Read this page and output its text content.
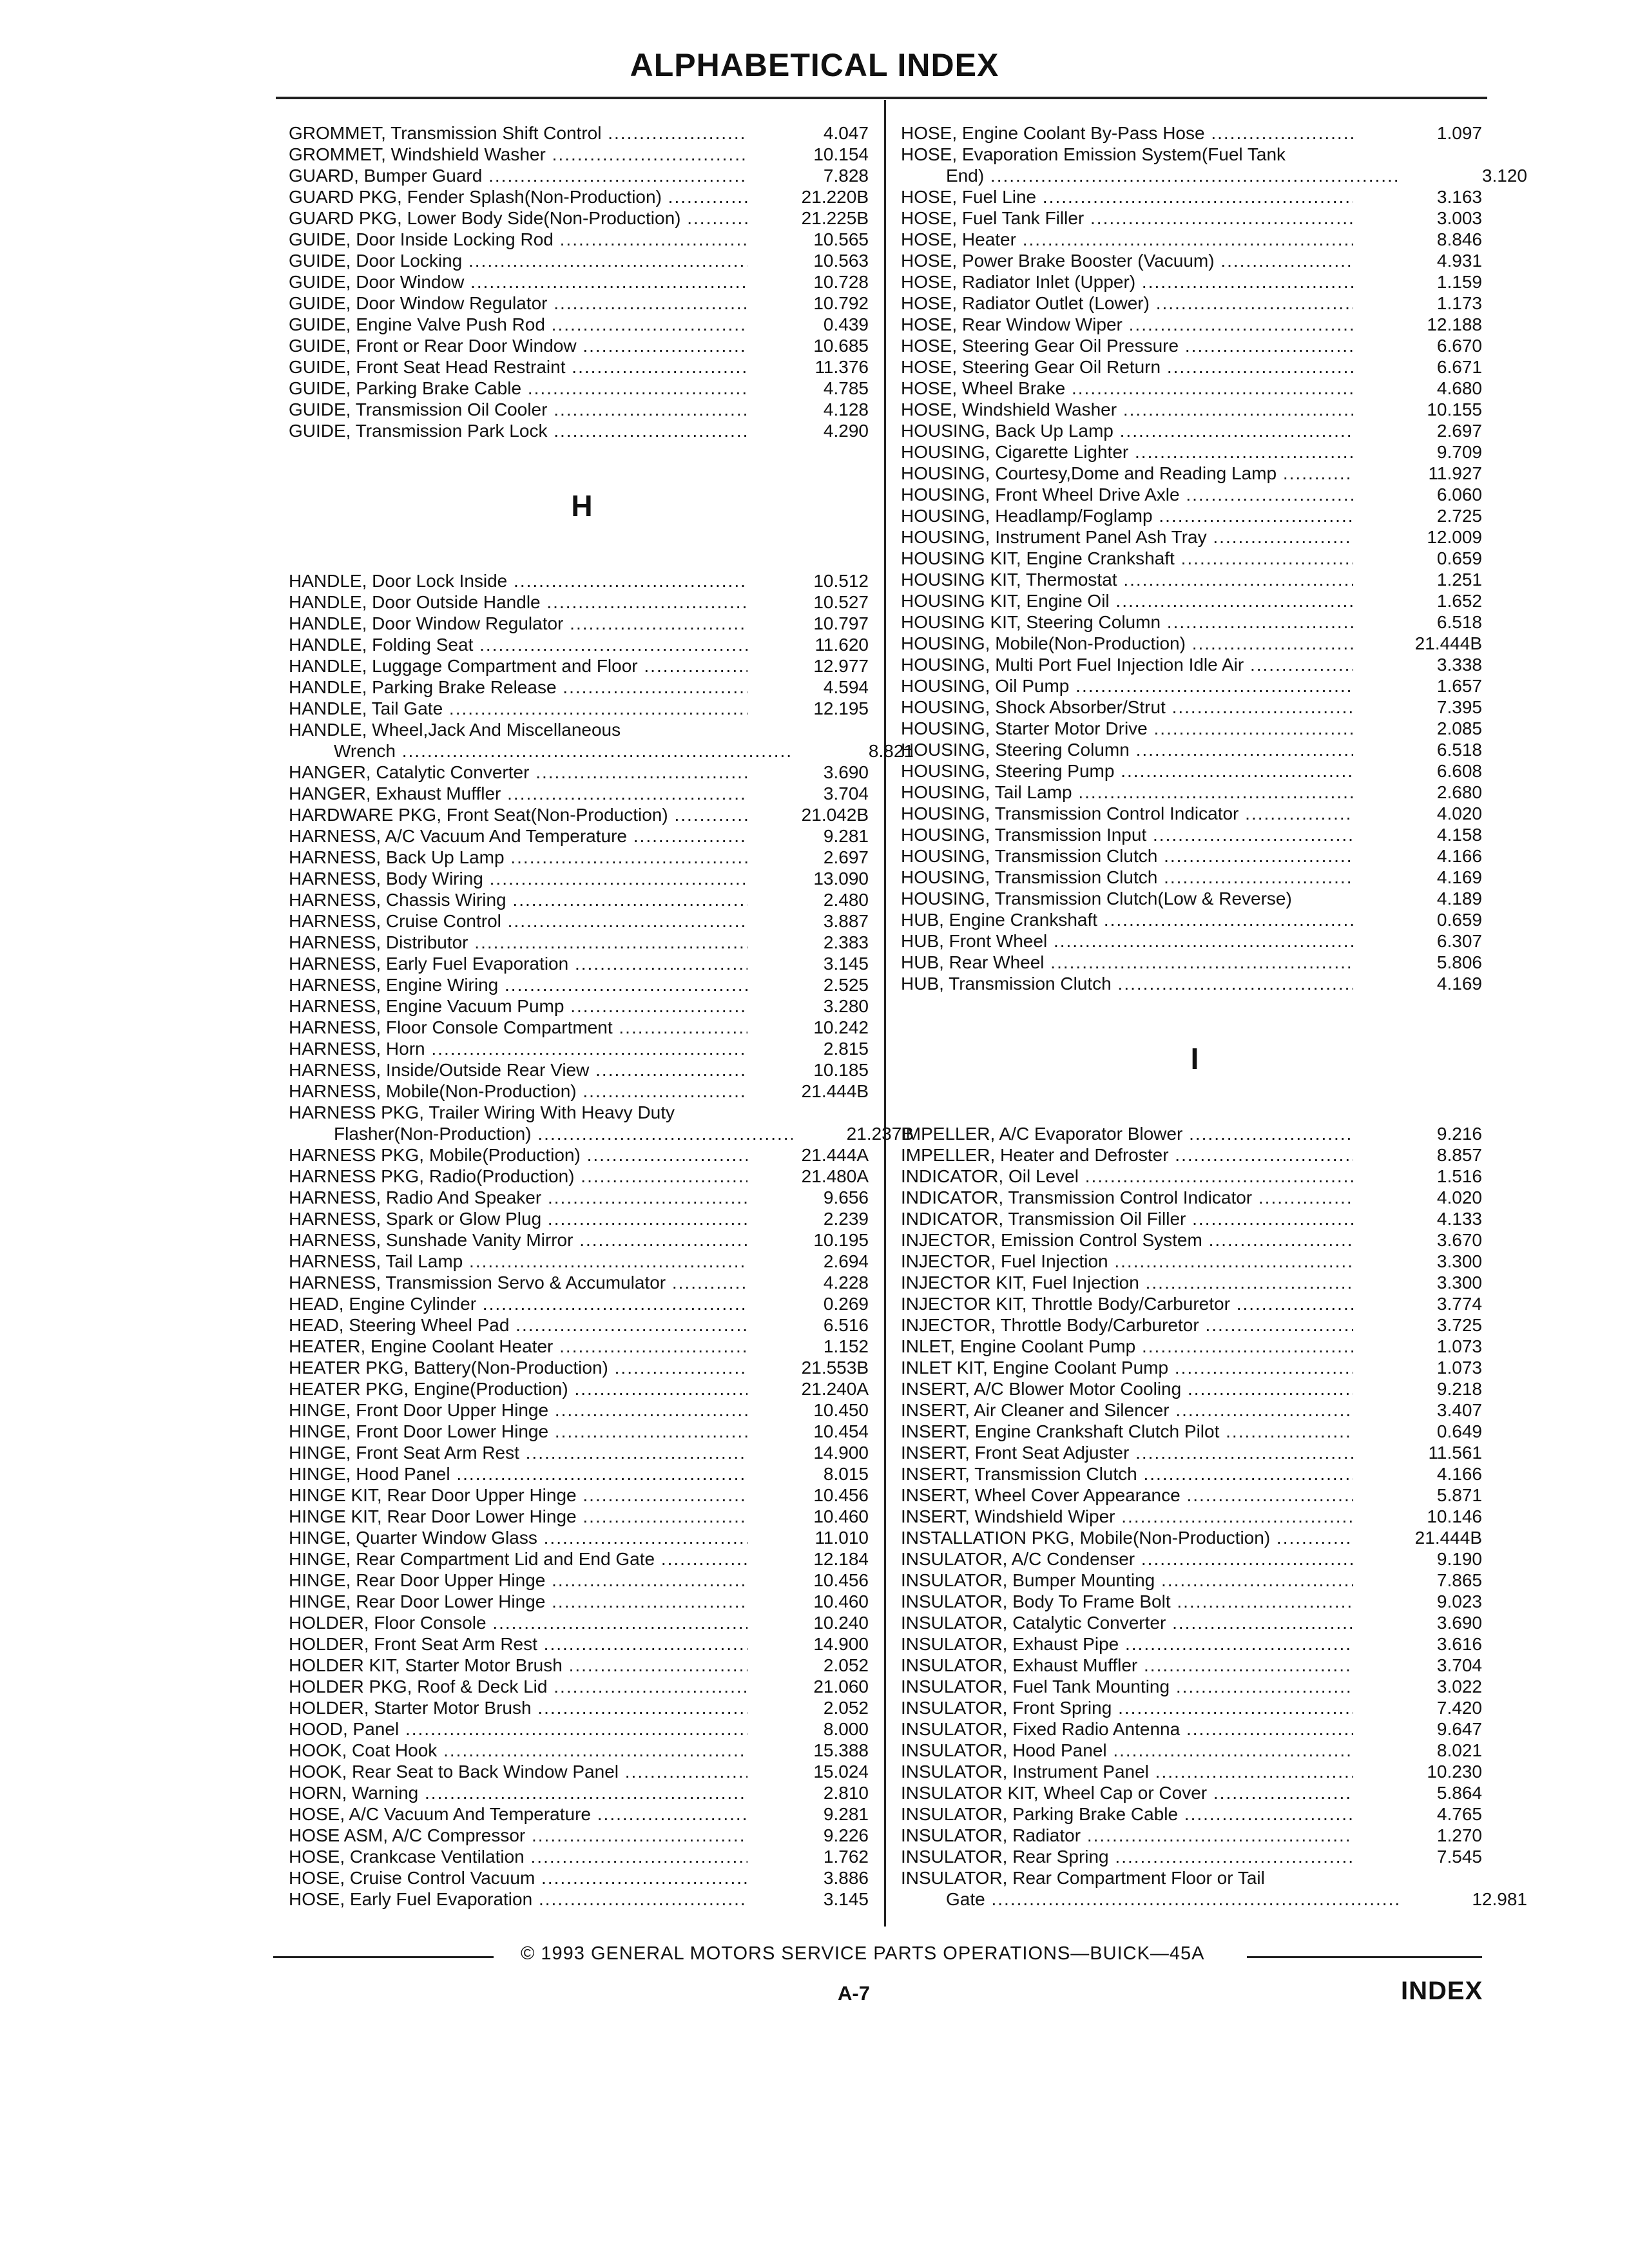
ALPHABETICAL INDEX
GROMMET, Transmission Shift Control .....	4.047
GROMMET, Windshield Washer .....	10.154
GUARD, Bumper Guard .....	7.828
GUARD PKG, Fender Splash(Non-Production) .....	21.220B
GUARD PKG, Lower Body Side(Non-Production) .....	21.225B
GUIDE, Door Inside Locking Rod .....	10.565
GUIDE, Door Locking .....	10.563
GUIDE, Door Window .....	10.728
GUIDE, Door Window Regulator .....	10.792
GUIDE, Engine Valve Push Rod .....	0.439
GUIDE, Front or Rear Door Window .....	10.685
GUIDE, Front Seat Head Restraint .....	11.376
GUIDE, Parking Brake Cable .....	4.785
GUIDE, Transmission Oil Cooler .....	4.128
GUIDE, Transmission Park Lock .....	4.290
H
HANDLE, Door Lock Inside .....	10.512
HANDLE, Door Outside Handle .....	10.527
HANDLE, Door Window Regulator .....	10.797
HANDLE, Folding Seat .....	11.620
HANDLE, Luggage Compartment and Floor .....	12.977
HANDLE, Parking Brake Release .....	4.594
HANDLE, Tail Gate .....	12.195
HANDLE, Wheel,Jack And Miscellaneous
Wrench .....	8.821
HANGER, Catalytic Converter .....	3.690
HANGER, Exhaust Muffler .....	3.704
HARDWARE PKG, Front Seat(Non-Production) .....	21.042B
HARNESS, A/C Vacuum And Temperature .....	9.281
HARNESS, Back Up Lamp .....	2.697
HARNESS, Body Wiring .....	13.090
HARNESS, Chassis Wiring .....	2.480
HARNESS, Cruise Control .....	3.887
HARNESS, Distributor .....	2.383
HARNESS, Early Fuel Evaporation .....	3.145
HARNESS, Engine Wiring .....	2.525
HARNESS, Engine Vacuum Pump .....	3.280
HARNESS, Floor Console Compartment .....	10.242
HARNESS, Horn .....	2.815
HARNESS, Inside/Outside Rear View .....	10.185
HARNESS, Mobile(Non-Production) .....	21.444B
HARNESS PKG, Trailer Wiring With Heavy Duty
Flasher(Non-Production) .....	21.237B
HARNESS PKG, Mobile(Production) .....	21.444A
HARNESS PKG, Radio(Production) .....	21.480A
HARNESS, Radio And Speaker .....	9.656
HARNESS, Spark or Glow Plug .....	2.239
HARNESS, Sunshade Vanity Mirror .....	10.195
HARNESS, Tail Lamp .....	2.694
HARNESS, Transmission Servo & Accumulator .....	4.228
HEAD, Engine Cylinder .....	0.269
HEAD, Steering Wheel Pad .....	6.516
HEATER, Engine Coolant Heater .....	1.152
HEATER PKG, Battery(Non-Production) .....	21.553B
HEATER PKG, Engine(Production) .....	21.240A
HINGE, Front Door Upper Hinge .....	10.450
HINGE, Front Door Lower Hinge .....	10.454
HINGE, Front Seat Arm Rest .....	14.900
HINGE, Hood Panel .....	8.015
HINGE KIT, Rear Door Upper Hinge .....	10.456
HINGE KIT, Rear Door Lower Hinge .....	10.460
HINGE, Quarter Window Glass .....	11.010
HINGE, Rear Compartment Lid and End Gate .....	12.184
HINGE, Rear Door Upper Hinge .....	10.456
HINGE, Rear Door Lower Hinge .....	10.460
HOLDER, Floor Console .....	10.240
HOLDER, Front Seat Arm Rest .....	14.900
HOLDER KIT, Starter Motor Brush .....	2.052
HOLDER PKG, Roof & Deck Lid .....	21.060
HOLDER, Starter Motor Brush .....	2.052
HOOD, Panel .....	8.000
HOOK, Coat Hook .....	15.388
HOOK, Rear Seat to Back Window Panel .....	15.024
HORN, Warning .....	2.810
HOSE, A/C Vacuum And Temperature .....	9.281
HOSE ASM, A/C Compressor .....	9.226
HOSE, Crankcase Ventilation .....	1.762
HOSE, Cruise Control Vacuum .....	3.886
HOSE, Early Fuel Evaporation .....	3.145
HOSE, Engine Coolant By-Pass Hose .....	1.097
HOSE, Evaporation Emission System(Fuel Tank
End) .....	3.120
HOSE, Fuel Line .....	3.163
HOSE, Fuel Tank Filler .....	3.003
HOSE, Heater .....	8.846
HOSE, Power Brake Booster (Vacuum) .....	4.931
HOSE, Radiator Inlet (Upper) .....	1.159
HOSE, Radiator Outlet (Lower) .....	1.173
HOSE, Rear Window Wiper .....	12.188
HOSE, Steering Gear Oil Pressure .....	6.670
HOSE, Steering Gear Oil Return .....	6.671
HOSE, Wheel Brake .....	4.680
HOSE, Windshield Washer .....	10.155
HOUSING, Back Up Lamp .....	2.697
HOUSING, Cigarette Lighter .....	9.709
HOUSING, Courtesy,Dome and Reading Lamp .....	11.927
HOUSING, Front Wheel Drive Axle .....	6.060
HOUSING, Headlamp/Foglamp .....	2.725
HOUSING, Instrument Panel Ash Tray .....	12.009
HOUSING KIT, Engine Crankshaft .....	0.659
HOUSING KIT, Thermostat .....	1.251
HOUSING KIT, Engine Oil .....	1.652
HOUSING KIT, Steering Column .....	6.518
HOUSING, Mobile(Non-Production) .....	21.444B
HOUSING, Multi Port Fuel Injection Idle Air .....	3.338
HOUSING, Oil Pump .....	1.657
HOUSING, Shock Absorber/Strut .....	7.395
HOUSING, Starter Motor Drive .....	2.085
HOUSING, Steering Column .....	6.518
HOUSING, Steering Pump .....	6.608
HOUSING, Tail Lamp .....	2.680
HOUSING, Transmission Control Indicator .....	4.020
HOUSING, Transmission Input .....	4.158
HOUSING, Transmission Clutch .....	4.166
HOUSING, Transmission Clutch .....	4.169
HOUSING, Transmission Clutch(Low & Reverse)	4.189
HUB, Engine Crankshaft .....	0.659
HUB, Front Wheel .....	6.307
HUB, Rear Wheel .....	5.806
HUB, Transmission Clutch .....	4.169
I
IMPELLER, A/C Evaporator Blower .....	9.216
IMPELLER, Heater and Defroster .....	8.857
INDICATOR, Oil Level .....	1.516
INDICATOR, Transmission Control Indicator .....	4.020
INDICATOR, Transmission Oil Filler .....	4.133
INJECTOR, Emission Control System .....	3.670
INJECTOR, Fuel Injection .....	3.300
INJECTOR KIT, Fuel Injection .....	3.300
INJECTOR KIT, Throttle Body/Carburetor .....	3.774
INJECTOR, Throttle Body/Carburetor .....	3.725
INLET, Engine Coolant Pump .....	1.073
INLET KIT, Engine Coolant Pump .....	1.073
INSERT, A/C Blower Motor Cooling .....	9.218
INSERT, Air Cleaner and Silencer .....	3.407
INSERT, Engine Crankshaft Clutch Pilot .....	0.649
INSERT, Front Seat Adjuster .....	11.561
INSERT, Transmission Clutch .....	4.166
INSERT, Wheel Cover Appearance .....	5.871
INSERT, Windshield Wiper .....	10.146
INSTALLATION PKG, Mobile(Non-Production) .....	21.444B
INSULATOR, A/C Condenser .....	9.190
INSULATOR, Bumper Mounting .....	7.865
INSULATOR, Body To Frame Bolt .....	9.023
INSULATOR, Catalytic Converter .....	3.690
INSULATOR, Exhaust Pipe .....	3.616
INSULATOR, Exhaust Muffler .....	3.704
INSULATOR, Fuel Tank Mounting .....	3.022
INSULATOR, Front Spring .....	7.420
INSULATOR, Fixed Radio Antenna .....	9.647
INSULATOR, Hood Panel .....	8.021
INSULATOR, Instrument Panel .....	10.230
INSULATOR KIT, Wheel Cap or Cover .....	5.864
INSULATOR, Parking Brake Cable .....	4.765
INSULATOR, Radiator .....	1.270
INSULATOR, Rear Spring .....	7.545
INSULATOR, Rear Compartment Floor or Tail
Gate .....	12.981
© 1993 GENERAL MOTORS SERVICE PARTS OPERATIONS—BUICK—45A
A-7	INDEX
